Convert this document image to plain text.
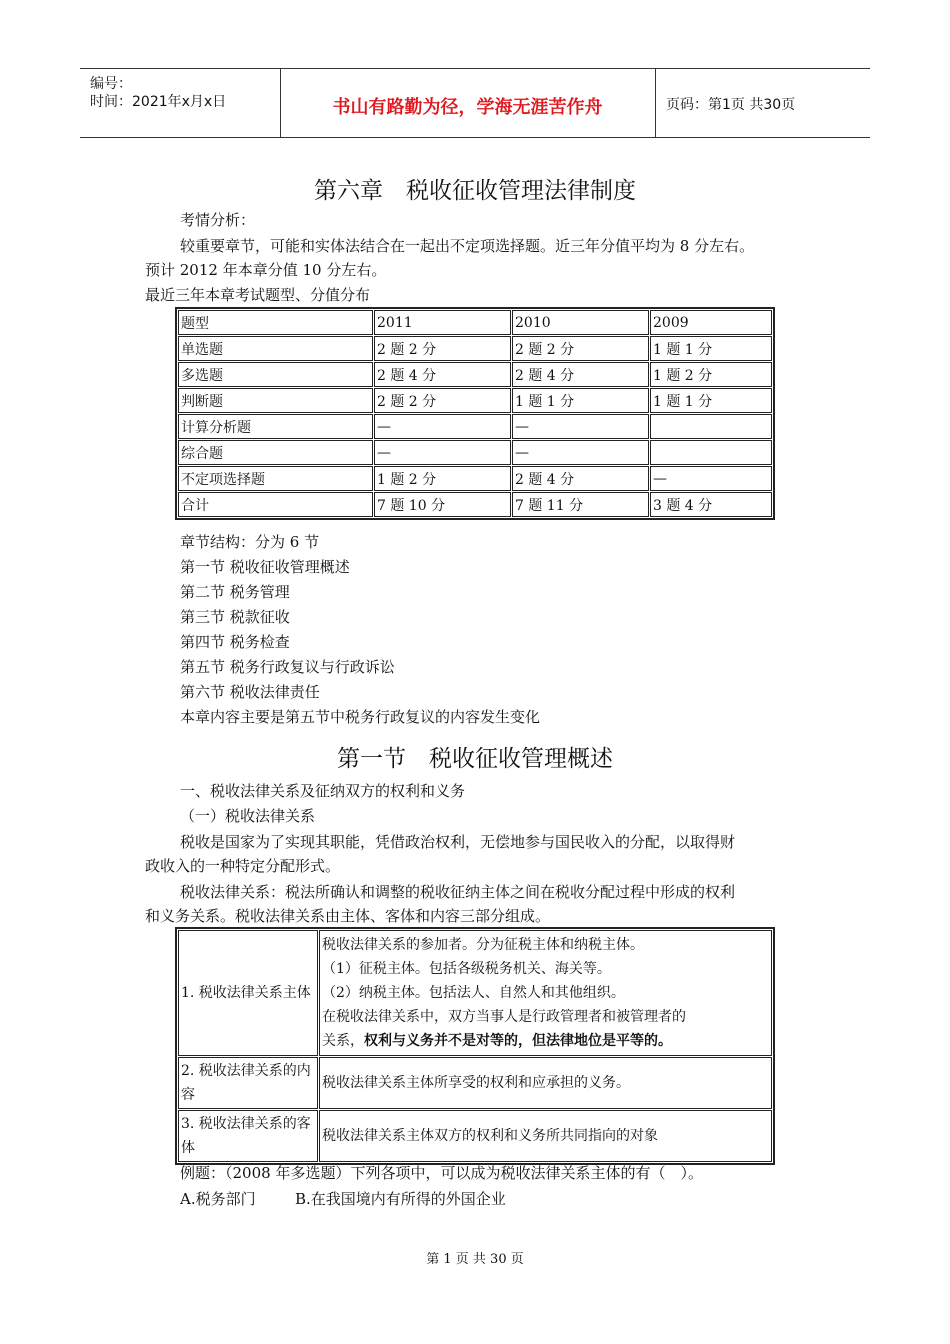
编号：
时间：2021年x月x日	书山有路勤为径，学海无涯苦作舟	页码：第1页 共30页
第六章　税收征收管理法律制度
考情分析：
较重要章节，可能和实体法结合在一起出不定项选择题。近三年分值平均为 8 分左右。
预计 2012 年本章分值 10 分左右。
最近三年本章考试题型、分值分布
题型	2011	2010	2009
单选题	2 题 2 分	2 题 2 分	1 题 1 分
多选题	2 题 4 分	2 题 4 分	1 题 2 分
判断题	2 题 2 分	1 题 1 分	1 题 1 分
计算分析题	—	—	
综合题	—	—	
不定项选择题	1 题 2 分	2 题 4 分	—
合计	7 题 10 分	7 题 11 分	3 题 4 分
章节结构：分为 6 节
第一节 税收征收管理概述
第二节 税务管理
第三节 税款征收
第四节 税务检查
第五节 税务行政复议与行政诉讼
第六节 税收法律责任
本章内容主要是第五节中税务行政复议的内容发生变化
第一节　税收征收管理概述
一、税收法律关系及征纳双方的权利和义务
（一）税收法律关系
税收是国家为了实现其职能，凭借政治权利，无偿地参与国民收入的分配，以取得财
政收入的一种特定分配形式。
税收法律关系：税法所确认和调整的税收征纳主体之间在税收分配过程中形成的权利
和义务关系。税收法律关系由主体、客体和内容三部分组成。
1. 税收法律关系主体	税收法律关系的参加者。分为征税主体和纳税主体。
（1）征税主体。包括各级税务机关、海关等。
（2）纳税主体。包括法人、自然人和其他组织。
在税收法律关系中，双方当事人是行政管理者和被管理者的
关系，权利与义务并不是对等的，但法律地位是平等的。

2. 税收法律关系的内容	税收法律关系主体所享受的权利和应承担的义务。
3. 税收法律关系的客体	税收法律关系主体双方的权利和义务所共同指向的对象
例题：（2008 年多选题）下列各项中，可以成为税收法律关系主体的有（　）。
A.税务部门	B.在我国境内有所得的外国企业
第 1 页 共 30 页
